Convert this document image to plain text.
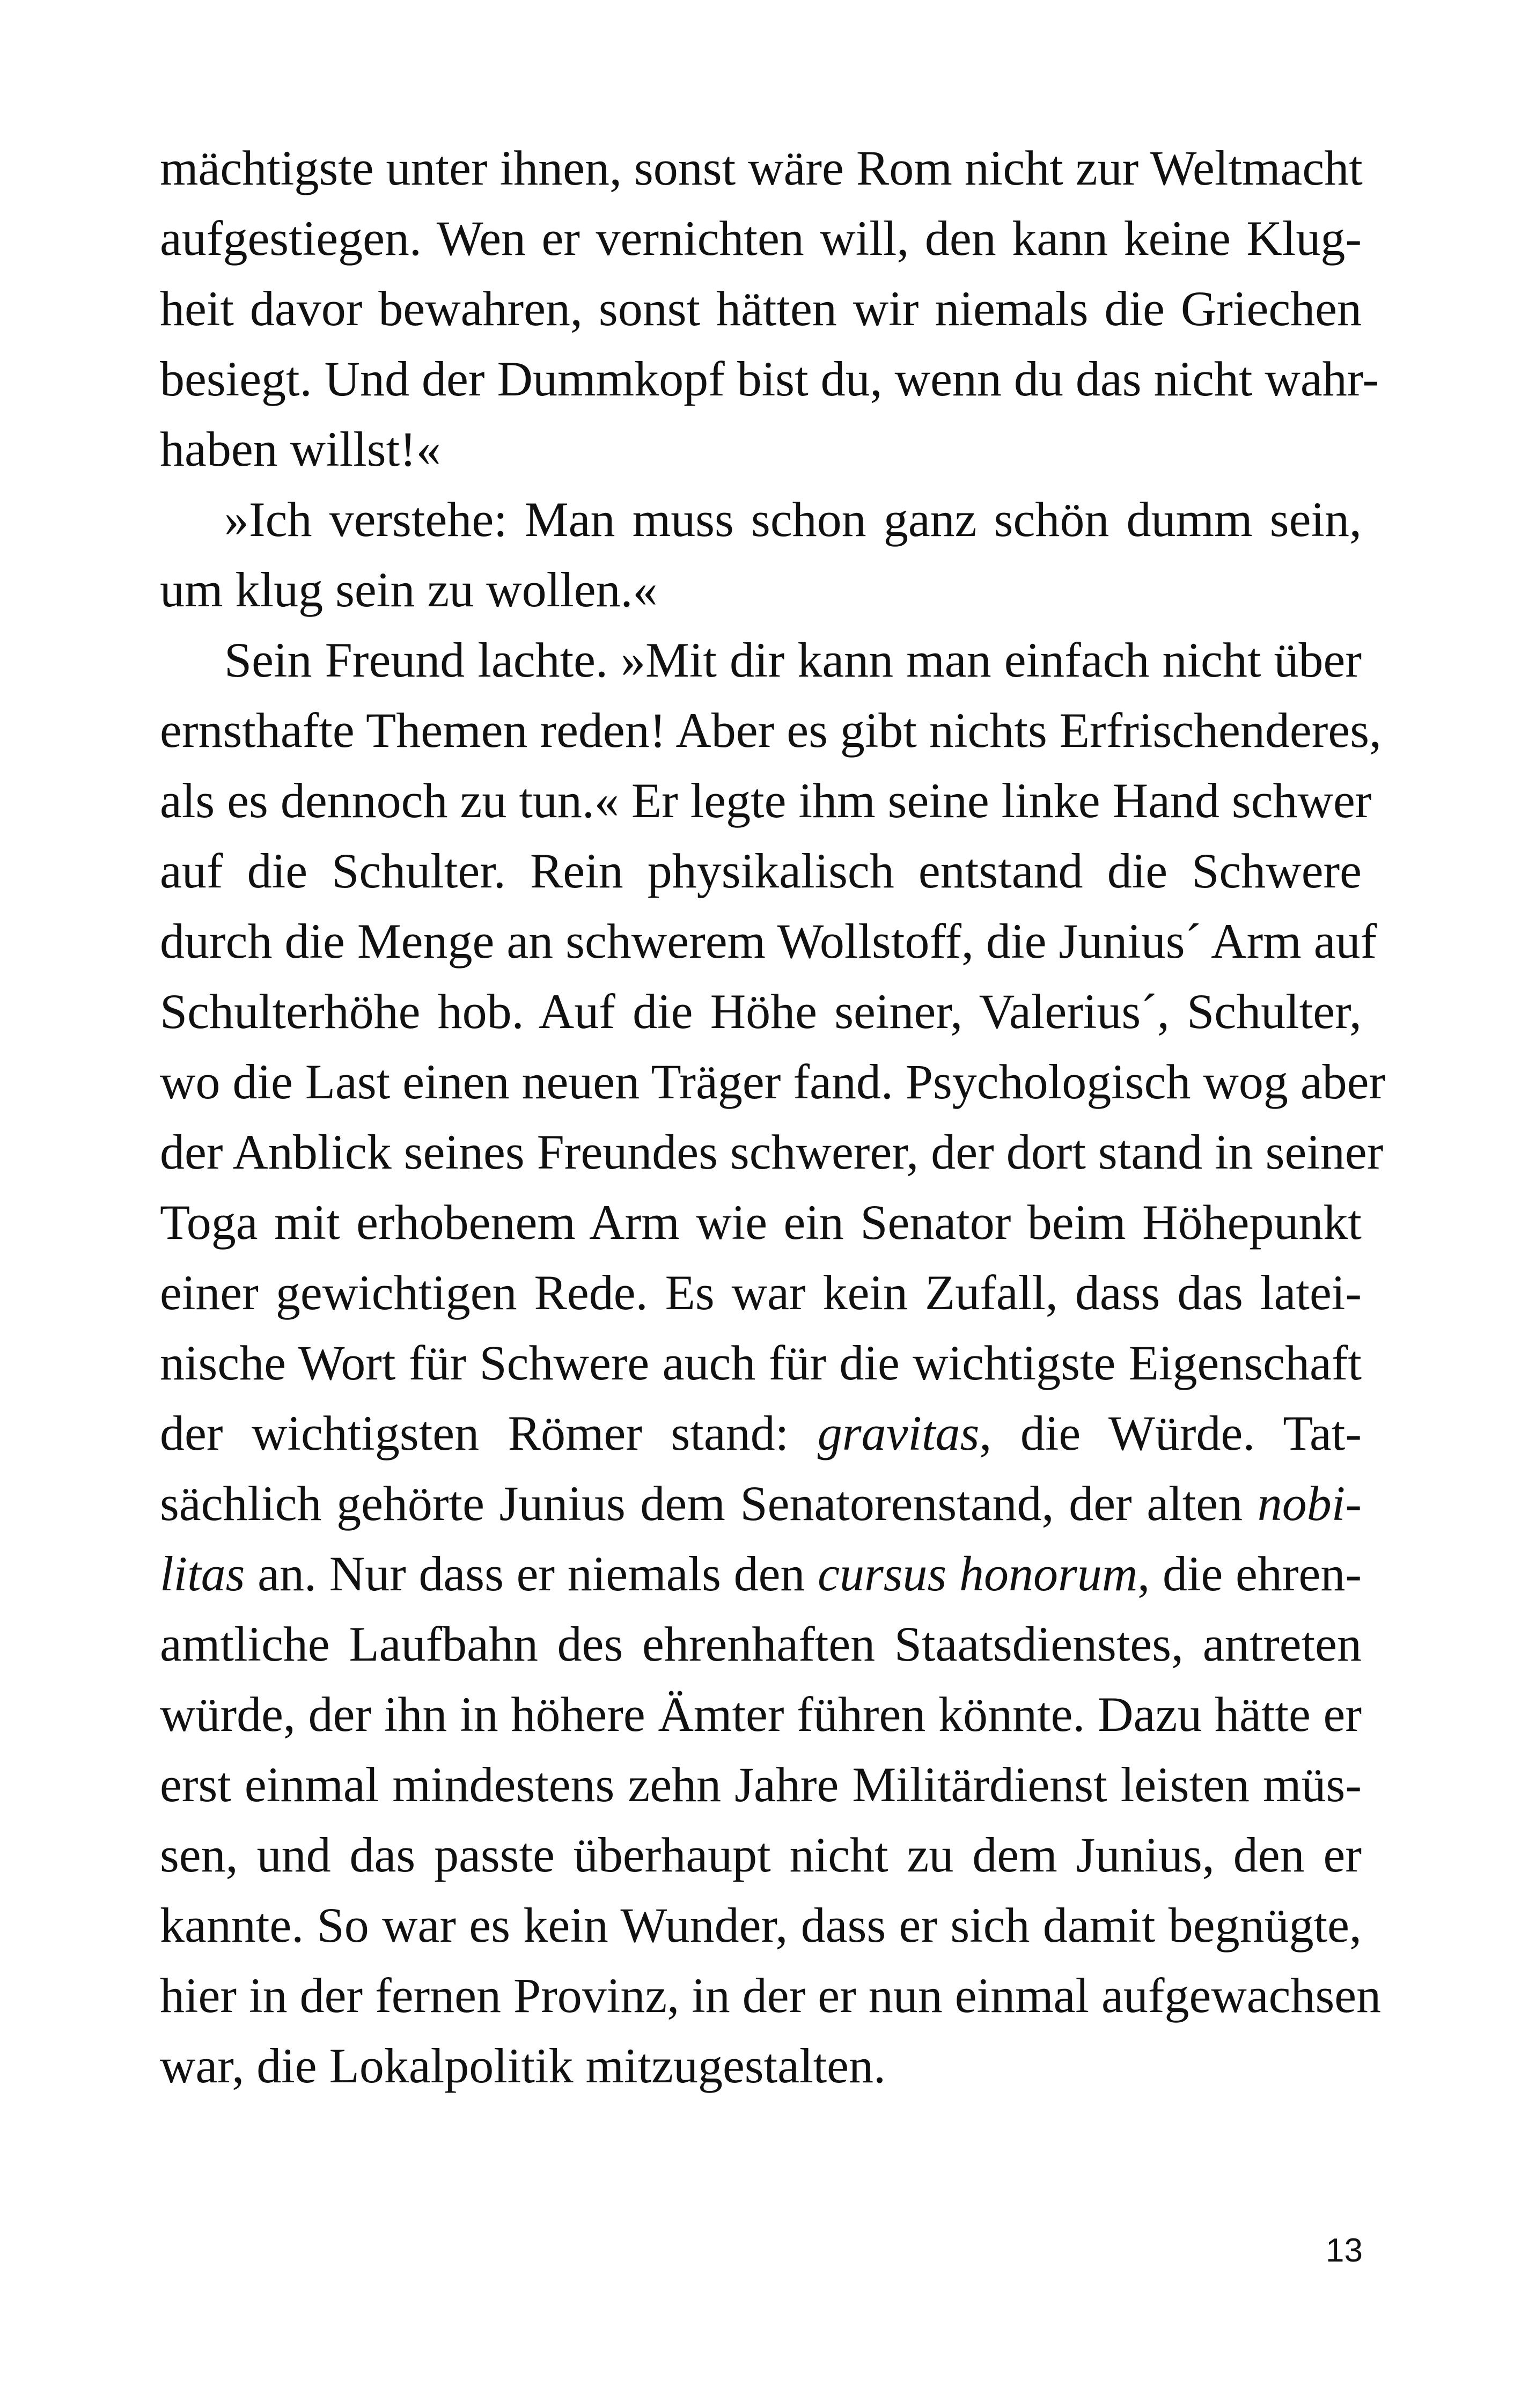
mächtigste unter ihnen, sonst wäre Rom nicht zur Weltmacht
aufgestiegen. Wen er vernichten will, den kann keine Klug-
heit davor bewahren, sonst hätten wir niemals die Griechen
besiegt. Und der Dummkopf bist du, wenn du das nicht wahr-
haben willst!«
»Ich verstehe: Man muss schon ganz schön dumm sein,
um klug sein zu wollen.«
Sein Freund lachte. »Mit dir kann man einfach nicht über
ernsthafte Themen reden! Aber es gibt nichts Erfrischenderes,
als es dennoch zu tun.« Er legte ihm seine linke Hand schwer
auf die Schulter. Rein physikalisch entstand die Schwere
durch die Menge an schwerem Wollstoff, die Junius´ Arm auf
Schulterhöhe hob. Auf die Höhe seiner, Valerius´, Schulter,
wo die Last einen neuen Träger fand. Psychologisch wog aber
der Anblick seines Freundes schwerer, der dort stand in seiner
Toga mit erhobenem Arm wie ein Senator beim Höhepunkt
einer gewichtigen Rede. Es war kein Zufall, dass das latei-
nische Wort für Schwere auch für die wichtigste Eigenschaft
der wichtigsten Römer stand: gravitas, die Würde. Tat-
sächlich gehörte Junius dem Senatorenstand, der alten nobi-
litas an. Nur dass er niemals den cursus honorum, die ehren-
amtliche Laufbahn des ehrenhaften Staatsdienstes, antreten
würde, der ihn in höhere Ämter führen könnte. Dazu hätte er
erst einmal mindestens zehn Jahre Militärdienst leisten müs-
sen, und das passte überhaupt nicht zu dem Junius, den er
kannte. So war es kein Wunder, dass er sich damit begnügte,
hier in der fernen Provinz, in der er nun einmal aufgewachsen
war, die Lokalpolitik mitzugestalten.
13
